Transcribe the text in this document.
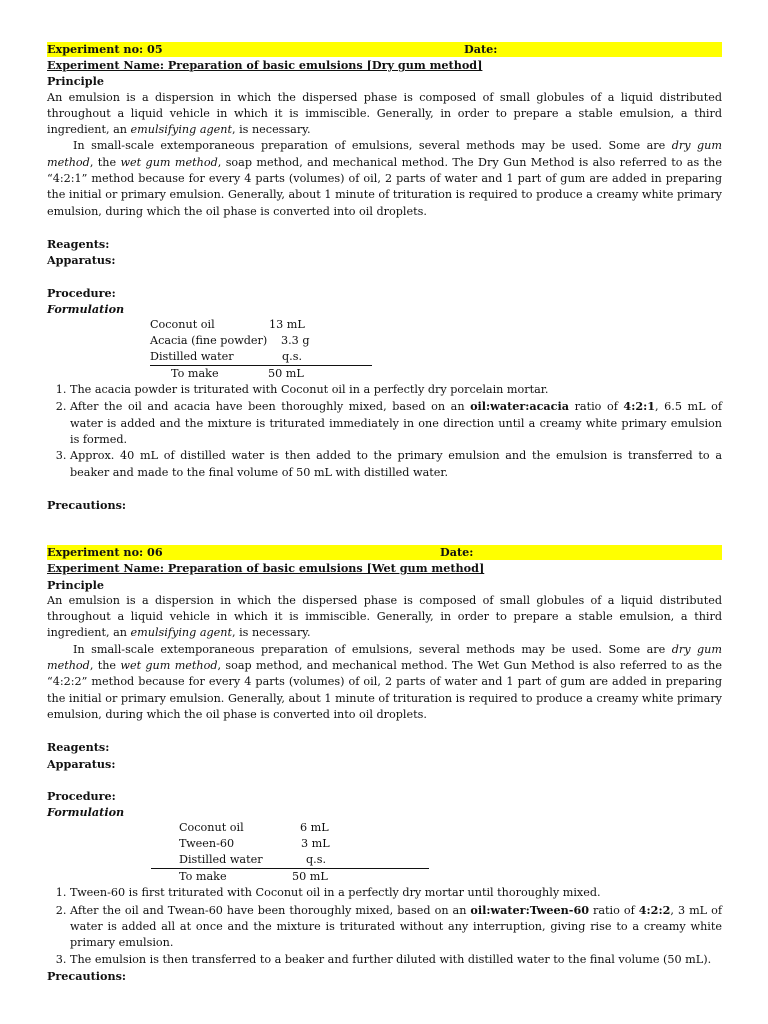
Experiment no: 05	Date:
Experiment Name: Preparation of basic emulsions [Dry gum method]
Principle

An emulsion is a dispersion in which the dispersed phase is composed of small globules of a liquid distributed throughout a liquid vehicle in which it is immiscible. Generally, in order to prepare a stable emulsion, a third ingredient, an emulsifying agent, is necessary.

In small-scale extemporaneous preparation of emulsions, several methods may be used. Some are dry gum method, the wet gum method, soap method, and mechanical method. The Dry Gun Method is also referred to as the “4:2:1” method because for every 4 parts (volumes) of oil, 2 parts of water and 1 part of gum are added in preparing the initial or primary emulsion. Generally, about 1 minute of trituration is required to produce a creamy white primary emulsion, during which the oil phase is converted into oil droplets.

Reagents:
Apparatus:
Procedure:
Formulation
Coconut oil	13 mL
Acacia (fine powder) 3.3 g
Distilled water	q.s.
To make	50 mL
1. The acacia powder is triturated with Coconut oil in a perfectly dry porcelain mortar.
2. After the oil and acacia have been thoroughly mixed, based on an oil:water:acacia ratio of 4:2:1, 6.5 mL of water is added and the mixture is triturated immediately in one direction until a creamy white primary emulsion is formed.
3. Approx. 40 mL of distilled water is then added to the primary emulsion and the emulsion is transferred to a beaker and made to the final volume of 50 mL with distilled water.
Precautions:
Experiment no: 06	Date:
Experiment Name: Preparation of basic emulsions [Wet gum method]
Principle

An emulsion is a dispersion in which the dispersed phase is composed of small globules of a liquid distributed throughout a liquid vehicle in which it is immiscible. Generally, in order to prepare a stable emulsion, a third ingredient, an emulsifying agent, is necessary.

In small-scale extemporaneous preparation of emulsions, several methods may be used. Some are dry gum method, the wet gum method, soap method, and mechanical method. The Wet Gun Method is also referred to as the “4:2:2” method because for every 4 parts (volumes) of oil, 2 parts of water and 1 part of gum are added in preparing the initial or primary emulsion. Generally, about 1 minute of trituration is required to produce a creamy white primary emulsion, during which the oil phase is converted into oil droplets.

Reagents:
Apparatus:
Procedure:
Formulation
Coconut oil	6 mL
Tween-60	3 mL
Distilled water	q.s.
To make	50 mL
1. Tween-60 is first triturated with Coconut oil in a perfectly dry mortar until thoroughly mixed.
2. After the oil and Twean-60 have been thoroughly mixed, based on an oil:water:Tween-60 ratio of 4:2:2, 3 mL of water is added all at once and the mixture is triturated without any interruption, giving rise to a creamy white primary emulsion.
3. The emulsion is then transferred to a beaker and further diluted with distilled water to the final volume (50 mL).
Precautions:
